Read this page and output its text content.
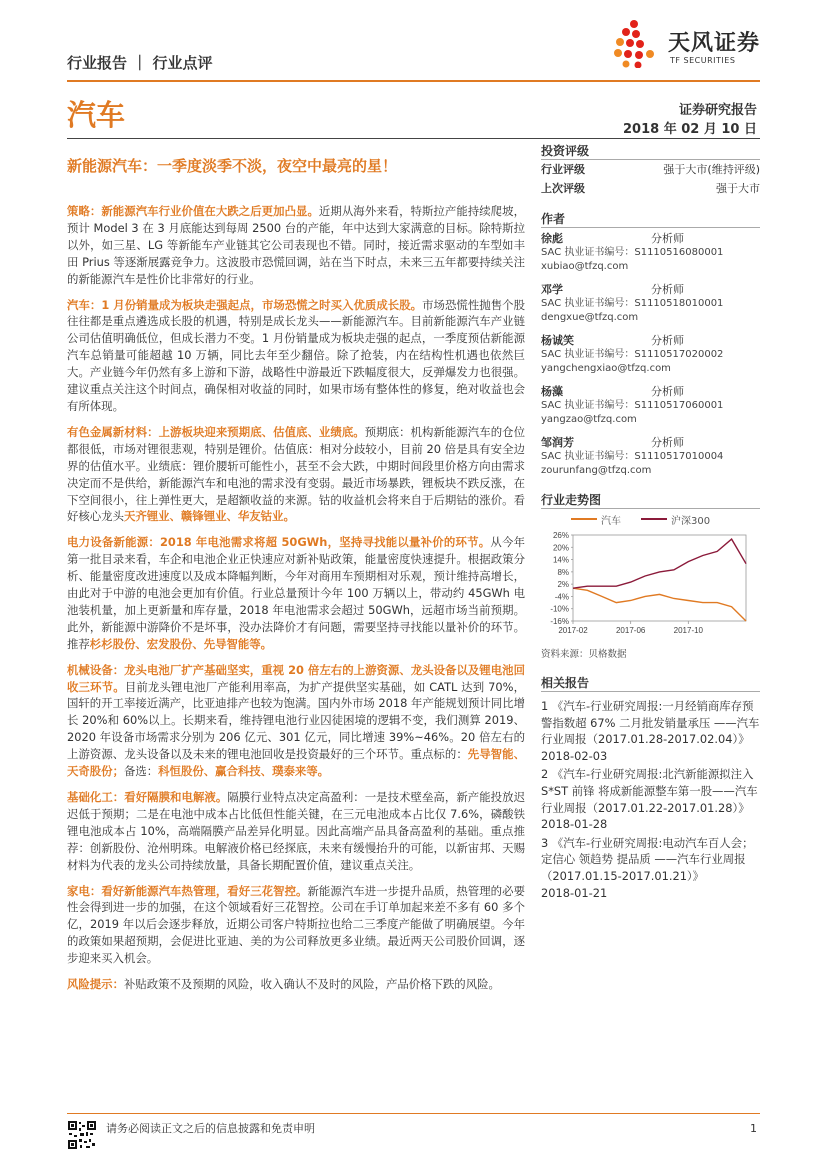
天风证券
TF SECURITIES
行业报告 ｜ 行业点评
汽车	证券研究报告
2018 年 02 月 10 日
新能源汽车：一季度淡季不淡，夜空中最亮的星！

策略：新能源汽车行业价值在大跌之后更加凸显。近期从海外来看，特斯拉产能持续爬坡，预计 Model 3 在 3 月底能达到每周 2500 台的产能，年中达到大家满意的目标。除特斯拉以外，如三星、LG 等新能车产业链其它公司表现也不错。同时，接近需求驱动的车型如丰田 Prius 等逐渐展露竞争力。这波股市恐慌回调，站在当下时点，未来三五年都要持续关注的新能源汽车是性价比非常好的行业。

汽车：1 月份销量成为板块走强起点，市场恐慌之时买入优质成长股。市场恐慌性抛售个股往往都是重点遴选成长股的机遇，特别是成长龙头——新能源汽车。目前新能源汽车产业链公司估值明确低位，但成长潜力不变。1 月份销量成为板块走强的起点，一季度预估新能源汽车总销量可能超越 10 万辆，同比去年至少翻倍。除了抢装，内在结构性机遇也依然巨大。产业链今年仍然有多上游和下游，战略性中游最近下跌幅度很大，反弹爆发力也很强。建议重点关注这个时间点，确保相对收益的同时，如果市场有整体性的修复，绝对收益也会有所体现。

有色金属新材料：上游板块迎来预期底、估值底、业绩底。预期底：机构新能源汽车的仓位都很低，市场对锂很悲观，特别是锂价。估值底：相对分歧较小，目前 20 倍是具有安全边界的估值水平。业绩底：锂价腰斩可能性小，甚至不会大跌，中期时间段里价格方向由需求决定而不是供给，新能源汽车和电池的需求没有变弱。最近市场暴跌，锂板块不跌反涨，在下空间很小，往上弹性更大，是超额收益的来源。钴的收益机会将来自于后期钴的涨价。看好核心龙头天齐锂业、赣锋锂业、华友钴业。

电力设备新能源：2018 年电池需求将超 50GWh，坚持寻找能以量补价的环节。从今年第一批目录来看，车企和电池企业正快速应对新补贴政策，能量密度快速提升。根据政策分析、能量密度改进速度以及成本降幅判断，今年对商用车预期相对乐观，预计维持高增长，由此对于中游的电池会更加有价值。行业总量预计今年 100 万辆以上，带动约 45GWh 电池装机量，加上更新量和库存量，2018 年电池需求会超过 50GWh，远超市场当前预期。此外，新能源中游降价不是坏事，没办法降价才有问题，需要坚持寻找能以量补价的环节。推荐杉杉股份、宏发股份、先导智能等。

机械设备：龙头电池厂扩产基础坚实，重视 20 倍左右的上游资源、龙头设备以及锂电池回收三环节。目前龙头锂电池厂产能利用率高，为扩产提供坚实基础，如 CATL 达到 70%，国轩的开工率接近满产，比亚迪排产也较为饱满。国内外市场 2018 年产能规划预计同比增长 20%和 60%以上。长期来看，维持锂电池行业囚徒困境的逻辑不变，我们测算 2019、2020 年设备市场需求分别为 206 亿元、301 亿元，同比增速 39%~46%。20 倍左右的上游资源、龙头设备以及未来的锂电池回收是投资最好的三个环节。重点标的：先导智能、天奇股份；备选：科恒股份、赢合科技、璞泰来等。

基础化工：看好隔膜和电解液。隔膜行业特点决定高盈利：一是技术壁垒高，新产能投放迟迟低于预期；二是在电池中成本占比低但性能关键，在三元电池成本占比仅 7.6%，磷酸铁锂电池成本占 10%，高端隔膜产品差异化明显。因此高端产品具备高盈利的基础。重点推荐：创新股份、沧州明珠。电解液价格已经探底，未来有缓慢抬升的可能，以新宙邦、天赐材料为代表的龙头公司持续放量，具备长期配置价值，建议重点关注。

家电：看好新能源汽车热管理，看好三花智控。新能源汽车进一步提升品质，热管理的必要性会得到进一步的加强，在这个领域看好三花智控。公司在手订单加起来差不多有 60 多个亿，2019 年以后会逐步释放，近期公司客户特斯拉也给二三季度产能做了明确展望。今年的政策如果超预期，会促进比亚迪、美的为公司释放更多业绩。最近两天公司股价回调，逐步迎来买入机会。

风险提示：补贴政策不及预期的风险，收入确认不及时的风险，产品价格下跌的风险。

投资评级
行业评级	强于大市(维持评级)
上次评级	强于大市
作者
徐彪	分析师
SAC 执业证书编号：S1110516080001
xubiao@tfzq.com
邓学	分析师
SAC 执业证书编号：S1110518010001
dengxue@tfzq.com
杨诚笑	分析师
SAC 执业证书编号：S1110517020002
yangchengxiao@tfzq.com
杨藻	分析师
SAC 执业证书编号：S1110517060001
yangzao@tfzq.com
邹润芳	分析师
SAC 执业证书编号：S1110517010004
zourunfang@tfzq.com
行业走势图
汽车	沪深300
26%
20%
14%
8%
2%
-4%
-10%
-16%
2017-02	2017-06	2017-10
资料来源：贝格数据
相关报告
1 《汽车-行业研究周报:一月经销商库存预警指数超 67% 二月批发销量承压 ——汽车行业周报（2017.01.28-2017.02.04）》
2018-02-03
2 《汽车-行业研究周报:北汽新能源拟注入 S*ST 前锋 将成新能源整车第一股——汽车行业周报（2017.01.22-2017.01.28）》
2018-01-28
3 《汽车-行业研究周报:电动汽车百人会；定信心 领趋势 提品质 ——汽车行业周报（2017.01.15-2017.01.21）》
2018-01-21
请务必阅读正文之后的信息披露和免责申明	1
